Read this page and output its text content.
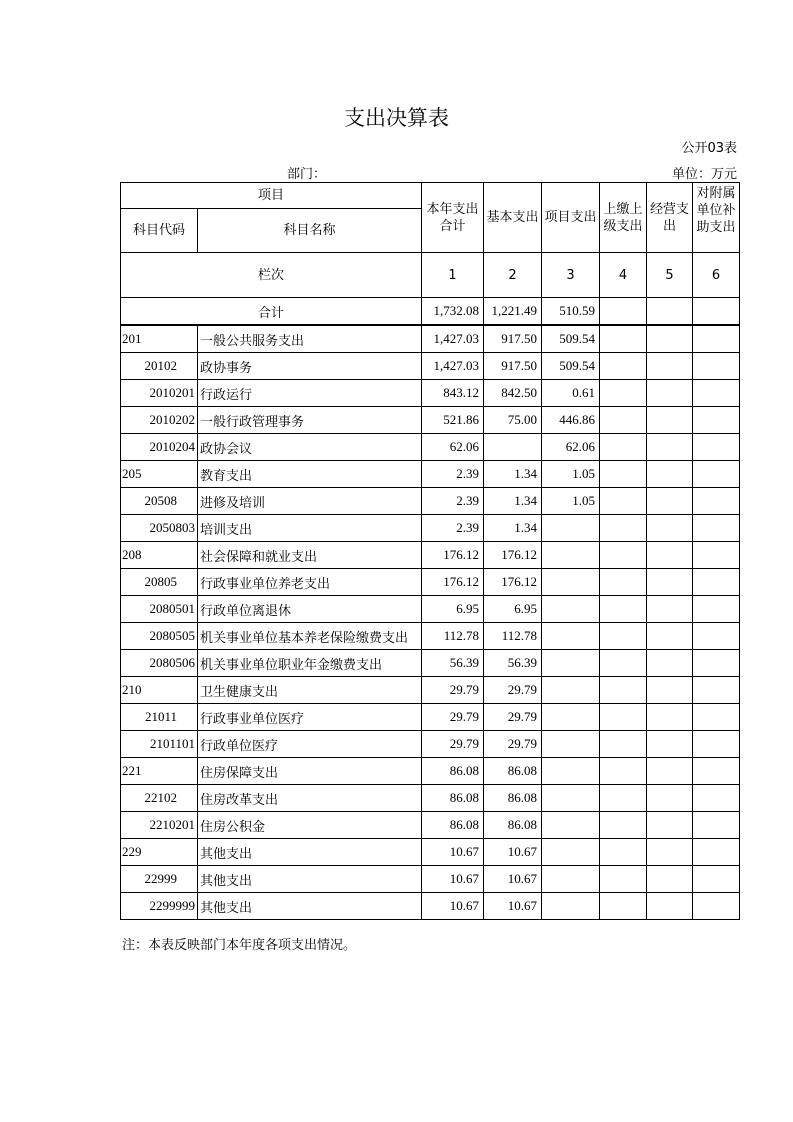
支出决算表
公开03表
部门：	单位：万元
项目		本年支出合计	基本支出	项目支出	上缴上级支出	经营支出	对附属单位补助支出

科目代码	科目名称						
栏次		1	2	3	4	5	6
合计		1,732.08	1,221.49	510.59			
201	一般公共服务支出	1,427.03	917.50	509.54			
20102	政协事务	1,427.03	917.50	509.54			
2010201	行政运行	843.12	842.50	0.61			
2010202	一般行政管理事务	521.86	75.00	446.86			
2010204	政协会议	62.06		62.06			
205	教育支出	2.39	1.34	1.05			
20508	进修及培训	2.39	1.34	1.05			
2050803	培训支出	2.39	1.34				
208	社会保障和就业支出	176.12	176.12				
20805	行政事业单位养老支出	176.12	176.12				
2080501	行政单位离退休	6.95	6.95				
2080505	机关事业单位基本养老保险缴费支出	112.78	112.78				
2080506	机关事业单位职业年金缴费支出	56.39	56.39				
210	卫生健康支出	29.79	29.79				
21011	行政事业单位医疗	29.79	29.79				
2101101	行政单位医疗	29.79	29.79				
221	住房保障支出	86.08	86.08				
22102	住房改革支出	86.08	86.08				
2210201	住房公积金	86.08	86.08				
229	其他支出	10.67	10.67				
22999	其他支出	10.67	10.67				
2299999	其他支出	10.67	10.67				
注：本表反映部门本年度各项支出情况。
